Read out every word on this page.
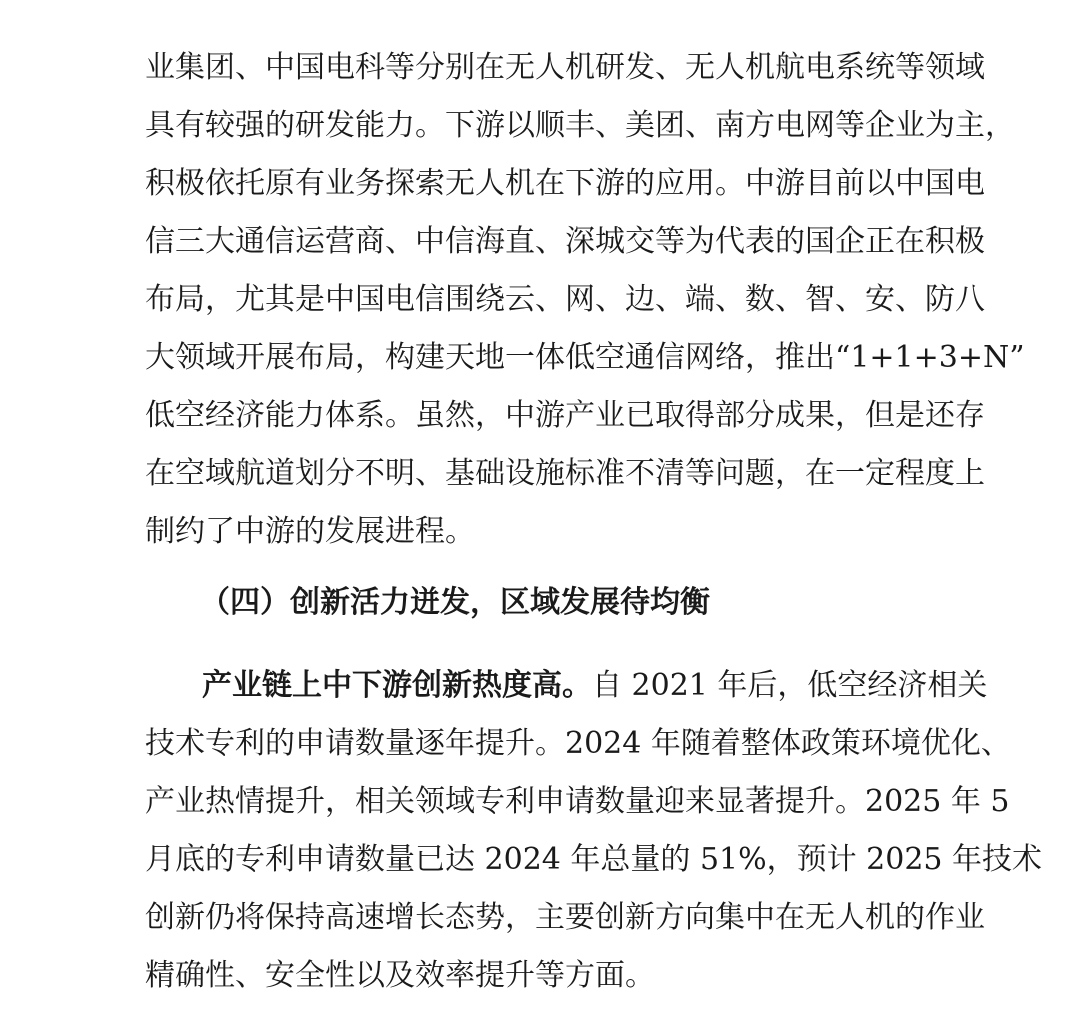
业集团、中国电科等分别在无人机研发、无人机航电系统等领域
具有较强的研发能力。下游以顺丰、美团、南方电网等企业为主，
积极依托原有业务探索无人机在下游的应用。中游目前以中国电
信三大通信运营商、中信海直、深城交等为代表的国企正在积极
布局，尤其是中国电信围绕云、网、边、端、数、智、安、防八
大领域开展布局，构建天地一体低空通信网络，推出“1+1+3+N”
低空经济能力体系。虽然，中游产业已取得部分成果，但是还存
在空域航道划分不明、基础设施标准不清等问题，在一定程度上
制约了中游的发展进程。
（四）创新活力迸发，区域发展待均衡
产业链上中下游创新热度高。自 2021 年后，低空经济相关
技术专利的申请数量逐年提升。2024 年随着整体政策环境优化、
产业热情提升，相关领域专利申请数量迎来显著提升。2025 年 5
月底的专利申请数量已达 2024 年总量的 51%，预计 2025 年技术
创新仍将保持高速增长态势，主要创新方向集中在无人机的作业
精确性、安全性以及效率提升等方面。
